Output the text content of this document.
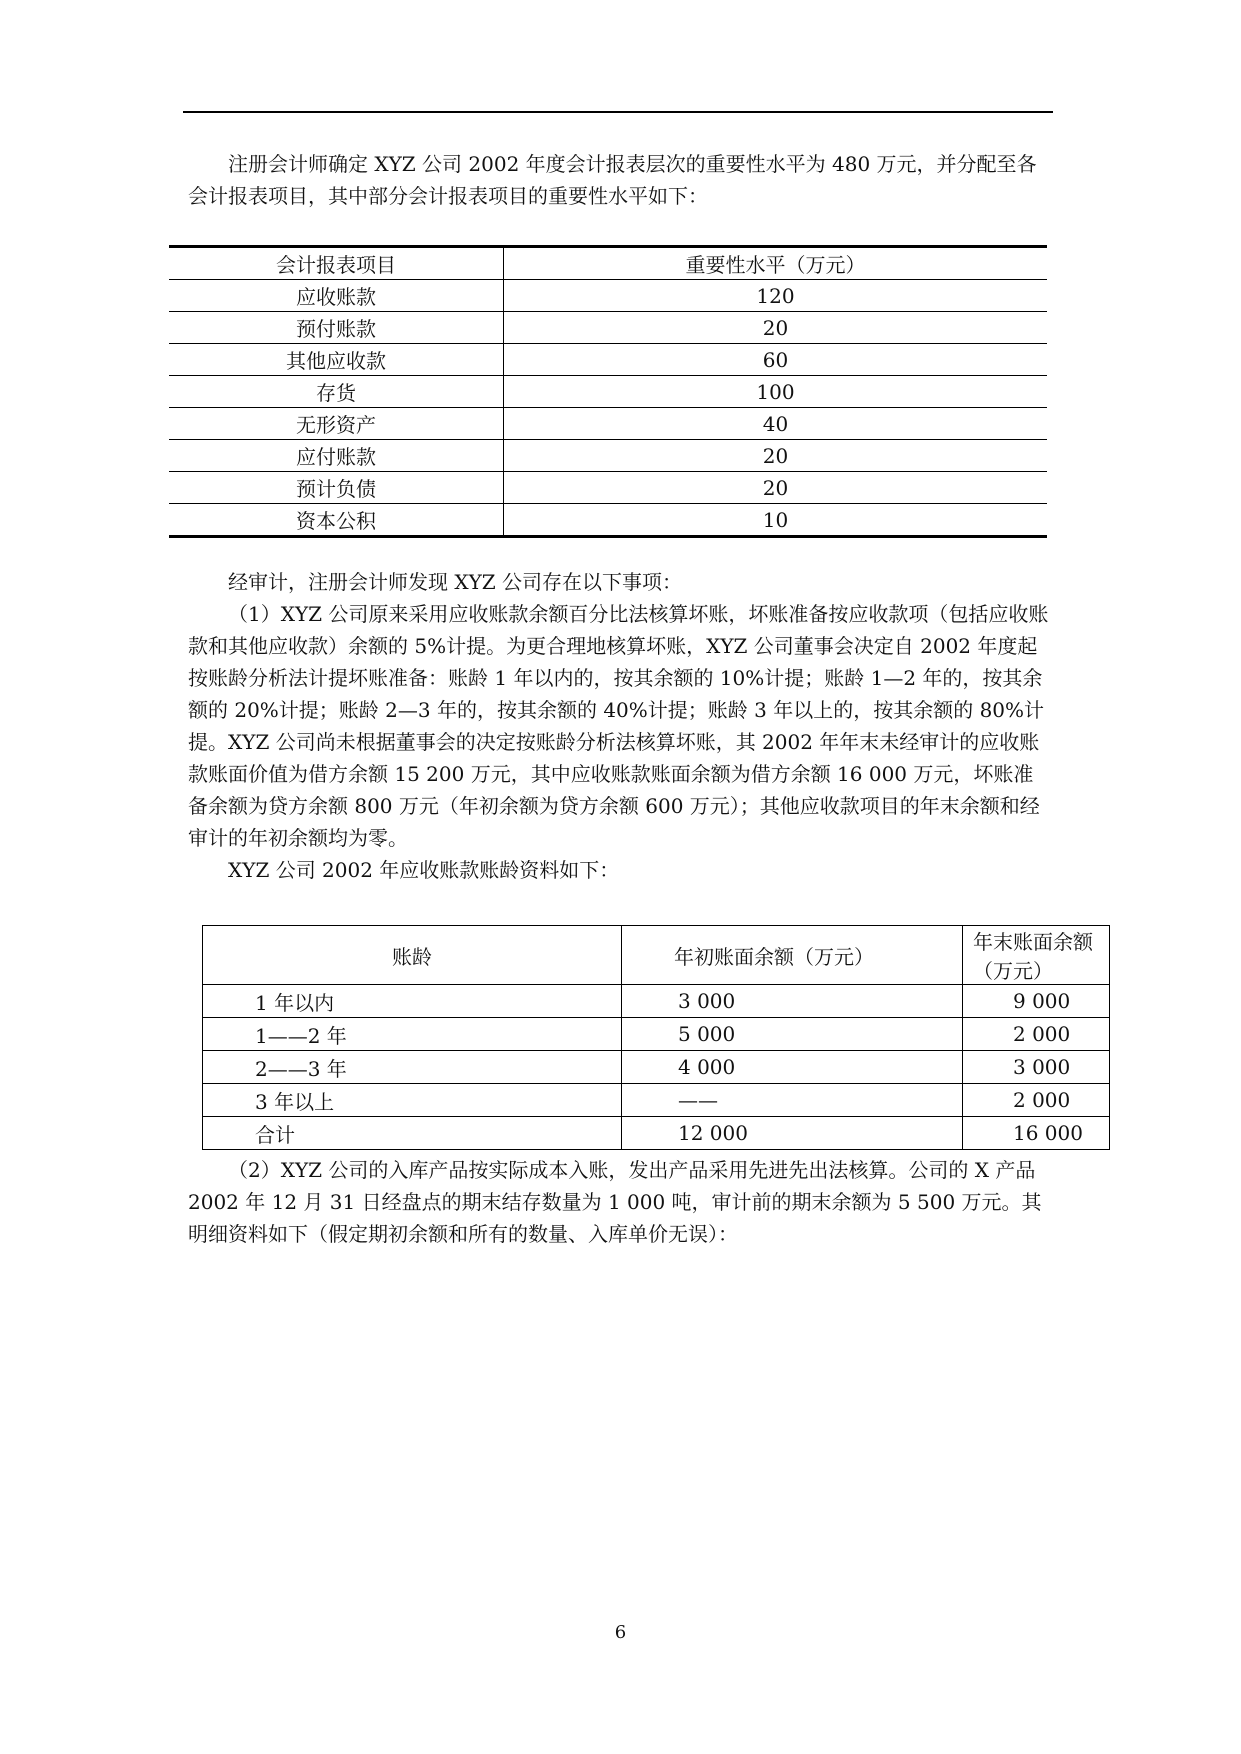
注册会计师确定 XYZ 公司 2002 年度会计报表层次的重要性水平为 480 万元，并分配至各会计报表项目，其中部分会计报表项目的重要性水平如下：

会计报表项目	重要性水平（万元）
应收账款	120
预付账款	20
其他应收款	60
存货	100
无形资产	40
应付账款	20
预计负债	20
资本公积	10
经审计，注册会计师发现 XYZ 公司存在以下事项：
（1）XYZ 公司原来采用应收账款余额百分比法核算坏账，坏账准备按应收款项（包括应收账款和其他应收款）余额的 5%计提。为更合理地核算坏账，XYZ 公司董事会决定自 2002 年度起按账龄分析法计提坏账准备：账龄 1 年以内的，按其余额的 10%计提；账龄 1—2 年的，按其余额的 20%计提；账龄 2—3 年的，按其余额的 40%计提；账龄 3 年以上的，按其余额的 80%计提。XYZ 公司尚未根据董事会的决定按账龄分析法核算坏账，其 2002 年年末未经审计的应收账款账面价值为借方余额 15 200 万元，其中应收账款账面余额为借方余额 16 000 万元，坏账准备余额为贷方余额 800 万元（年初余额为贷方余额 600 万元）；其他应收款项目的年末余额和经审计的年初余额均为零。
XYZ 公司 2002 年应收账款账龄资料如下：
账龄	年初账面余额（万元）	年末账面余额（万元）
1 年以内	3 000	9 000
1——2 年	5 000	2 000
2——3 年	4 000	3 000
3 年以上	——	2 000
合计	12 000	16 000

（2）XYZ 公司的入库产品按实际成本入账，发出产品采用先进先出法核算。公司的 X 产品 2002 年 12 月 31 日经盘点的期末结存数量为 1 000 吨，审计前的期末余额为 5 500 万元。其明细资料如下（假定期初余额和所有的数量、入库单价无误）：

6
